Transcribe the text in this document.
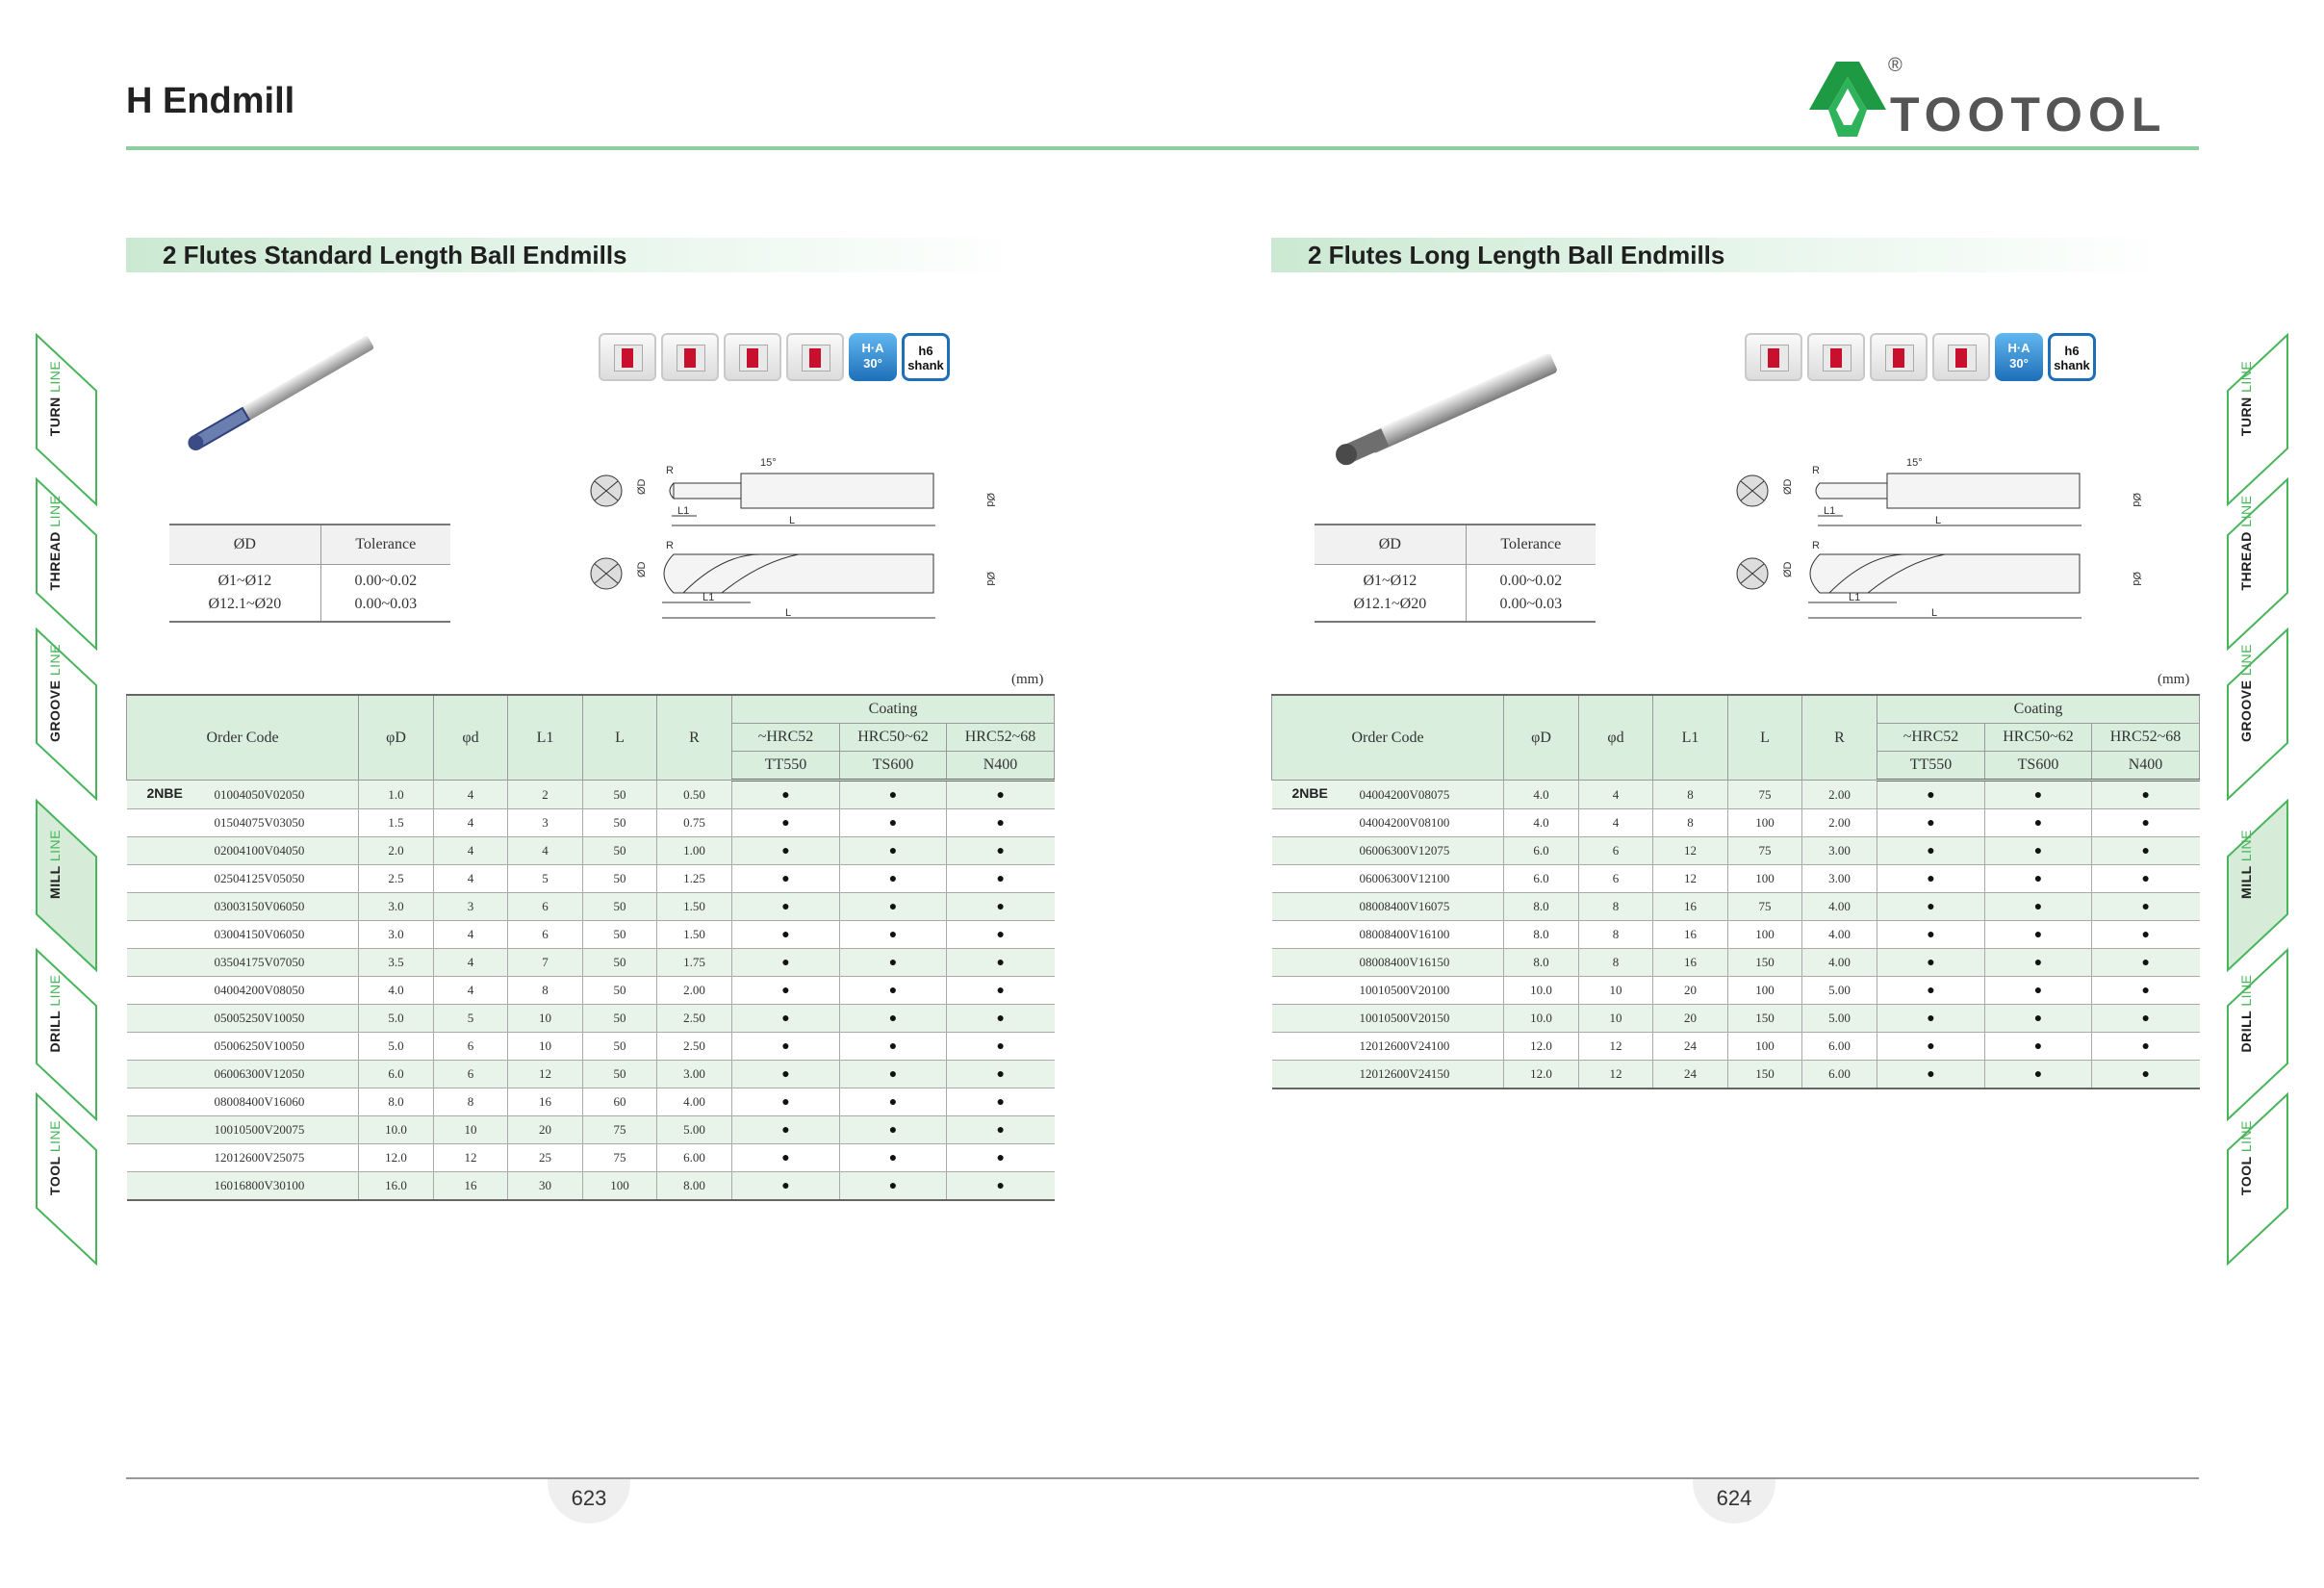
H Endmill	TOOTOOL
®
TURN LINE
THREAD LINE
GROOVE LINE
MILL LINE
DRILL LINE
TOOL LINE
TURN LINE
THREAD LINE
GROOVE LINE
MILL LINE
DRILL LINE
TOOL LINE
2 Flutes Standard Length Ball Endmills
H·A
30°
h6
shank
R
15°
ØD
Ød
L1
L
R
ØD
Ød
L1
L
ØD	Tolerance
Ø1~Ø12	0.00~0.02
Ø12.1~Ø20	0.00~0.03
(mm)
Order Code	φD	φd	L1	L	R	Coating		
						~HRC52	HRC50~62	HRC52~68
						TT550	TS600	N400

2NBE 01004050V02050	1.0	4	2	50	0.50	●	●	●
01504075V03050	1.5	4	3	50	0.75	●	●	●
02004100V04050	2.0	4	4	50	1.00	●	●	●
02504125V05050	2.5	4	5	50	1.25	●	●	●
03003150V06050	3.0	3	6	50	1.50	●	●	●
03004150V06050	3.0	4	6	50	1.50	●	●	●
03504175V07050	3.5	4	7	50	1.75	●	●	●
04004200V08050	4.0	4	8	50	2.00	●	●	●
05005250V10050	5.0	5	10	50	2.50	●	●	●
05006250V10050	5.0	6	10	50	2.50	●	●	●
06006300V12050	6.0	6	12	50	3.00	●	●	●
08008400V16060	8.0	8	16	60	4.00	●	●	●
10010500V20075	10.0	10	20	75	5.00	●	●	●
12012600V25075	12.0	12	25	75	6.00	●	●	●
16016800V30100	16.0	16	30	100	8.00	●	●	●
2 Flutes Long Length Ball Endmills
H·A
30°
h6
shank
R
15°
ØD
Ød
L1
L
R
ØD
Ød
L1
L
ØD	Tolerance
Ø1~Ø12	0.00~0.02
Ø12.1~Ø20	0.00~0.03
(mm)
Order Code	φD	φd	L1	L	R	Coating		
						~HRC52	HRC50~62	HRC52~68
						TT550	TS600	N400

2NBE 04004200V08075	4.0	4	8	75	2.00	●	●	●
04004200V08100	4.0	4	8	100	2.00	●	●	●
06006300V12075	6.0	6	12	75	3.00	●	●	●
06006300V12100	6.0	6	12	100	3.00	●	●	●
08008400V16075	8.0	8	16	75	4.00	●	●	●
08008400V16100	8.0	8	16	100	4.00	●	●	●
08008400V16150	8.0	8	16	150	4.00	●	●	●
10010500V20100	10.0	10	20	100	5.00	●	●	●
10010500V20150	10.0	10	20	150	5.00	●	●	●
12012600V24100	12.0	12	24	100	6.00	●	●	●
12012600V24150	12.0	12	24	150	6.00	●	●	●
623	624
